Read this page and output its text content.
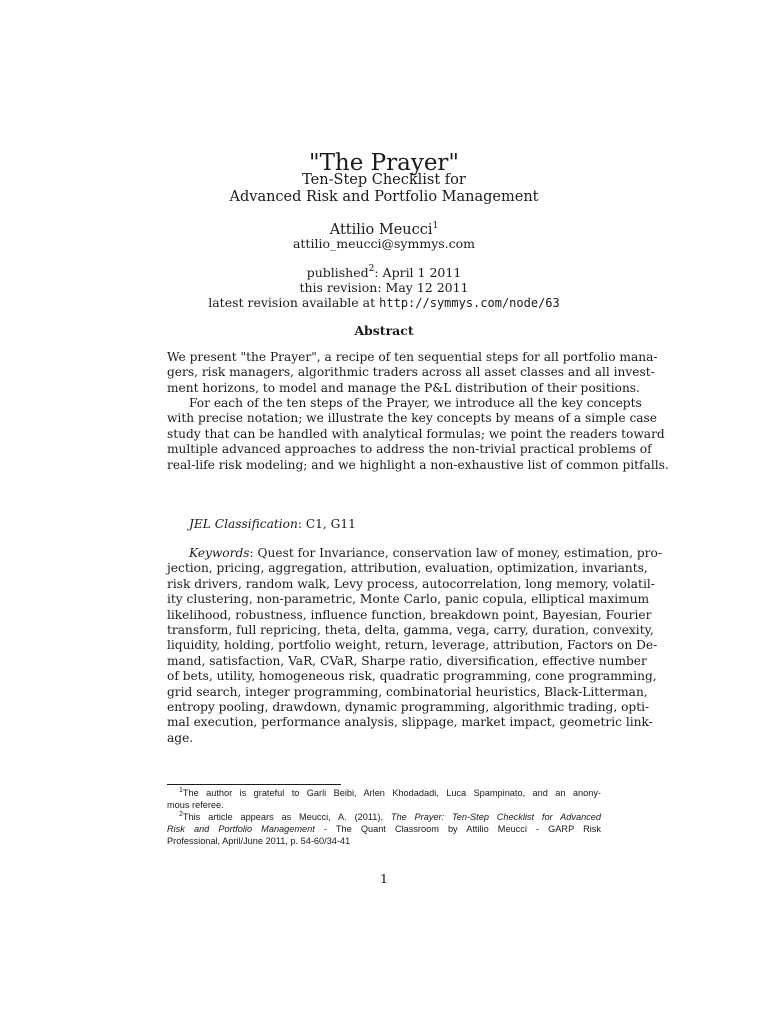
"The Prayer"
Ten-Step Checklist for
Advanced Risk and Portfolio Management
Attilio Meucci$^1$
attilio_meucci@symmys.com
published$^2$: April 1 2011
this revision: May 12 2011
latest revision available at http://symmys.com/node/63
Abstract
We present "the Prayer", a recipe of ten sequential steps for all portfolio mana-
gers, risk managers, algorithmic traders across all asset classes and all invest-
ment horizons, to model and manage the P&L distribution of their positions.
For each of the ten steps of the Prayer, we introduce all the key concepts
with precise notation; we illustrate the key concepts by means of a simple case
study that can be handled with analytical formulas; we point the readers toward
multiple advanced approaches to address the non-trivial practical problems of
real-life risk modeling; and we highlight a non-exhaustive list of common pitfalls.
JEL Classification: C1, G11
Keywords: Quest for Invariance, conservation law of money, estimation, pro-
jection, pricing, aggregation, attribution, evaluation, optimization, invariants,
risk drivers, random walk, Levy process, autocorrelation, long memory, volatil-
ity clustering, non-parametric, Monte Carlo, panic copula, elliptical maximum
likelihood, robustness, influence function, breakdown point, Bayesian, Fourier
transform, full repricing, theta, delta, gamma, vega, carry, duration, convexity,
liquidity, holding, portfolio weight, return, leverage, attribution, Factors on De-
mand, satisfaction, VaR, CVaR, Sharpe ratio, diversification, effective number
of bets, utility, homogeneous risk, quadratic programming, cone programming,
grid search, integer programming, combinatorial heuristics, Black-Litterman,
entropy pooling, drawdown, dynamic programming, algorithmic trading, opti-
mal execution, performance analysis, slippage, market impact, geometric link-
age.
$^1$The author is grateful to Garli Beibi, Arlen Khodadadi, Luca Spampinato, and an anony-
mous referee.
$^2$This article appears as Meucci, A. (2011), The Prayer: Ten-Step Checklist for Advanced
Risk and Portfolio Management - The Quant Classroom by Attilio Meucci - GARP Risk
Professional, April/June 2011, p. 54-60/34-41
1
